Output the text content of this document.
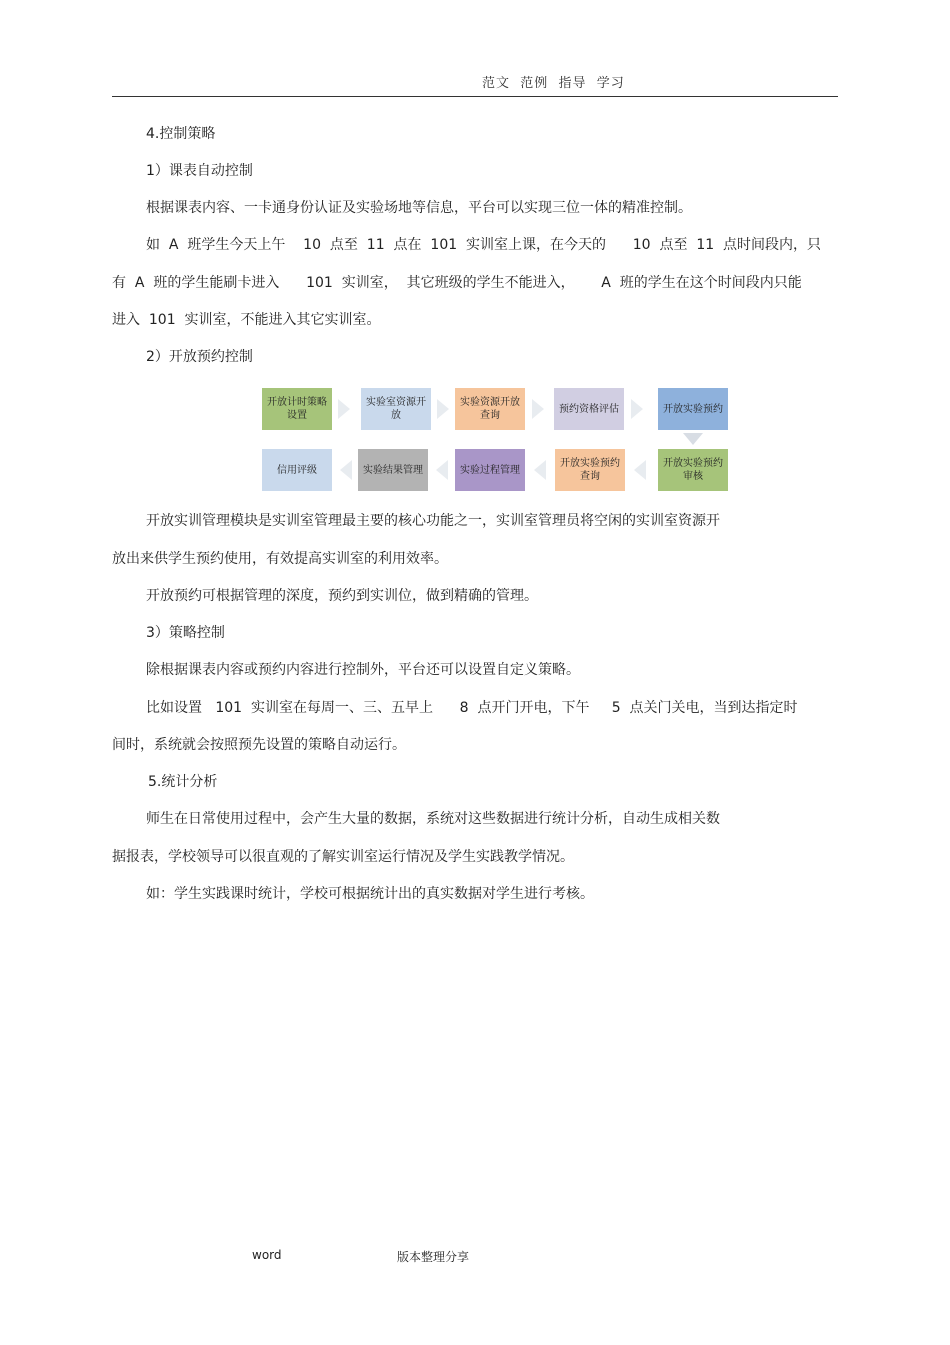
范文  范例  指导  学习
4.控制策略
1）课表自动控制
根据课表内容、一卡通身份认证及实验场地等信息，平台可以实现三位一体的精准控制。
如  A  班学生今天上午    10  点至  11  点在  101  实训室上课，在今天的      10  点至  11  点时间段内，只
有  A  班的学生能刷卡进入      101  实训室，  其它班级的学生不能进入，      A  班的学生在这个时间段内只能
进入  101  实训室，不能进入其它实训室。
2）开放预约控制
开放计时策略设置
实验室资源开放
实验资源开放查询
预约资格评估	开放实验预约
信用评级	实验结果管理	实验过程管理
开放实验预约查询
开放实验预约审核
开放实训管理模块是实训室管理最主要的核心功能之一，实训室管理员将空闲的实训室资源开
放出来供学生预约使用，有效提高实训室的利用效率。
开放预约可根据管理的深度，预约到实训位，做到精确的管理。
3）策略控制
除根据课表内容或预约内容进行控制外，平台还可以设置自定义策略。
比如设置   101  实训室在每周一、三、五早上      8  点开门开电，下午     5  点关门关电，当到达指定时
间时，系统就会按照预先设置的策略自动运行。
5.统计分析
师生在日常使用过程中，会产生大量的数据，系统对这些数据进行统计分析，自动生成相关数
据报表，学校领导可以很直观的了解实训室运行情况及学生实践教学情况。
如：学生实践课时统计，学校可根据统计出的真实数据对学生进行考核。
word	版本整理分享
